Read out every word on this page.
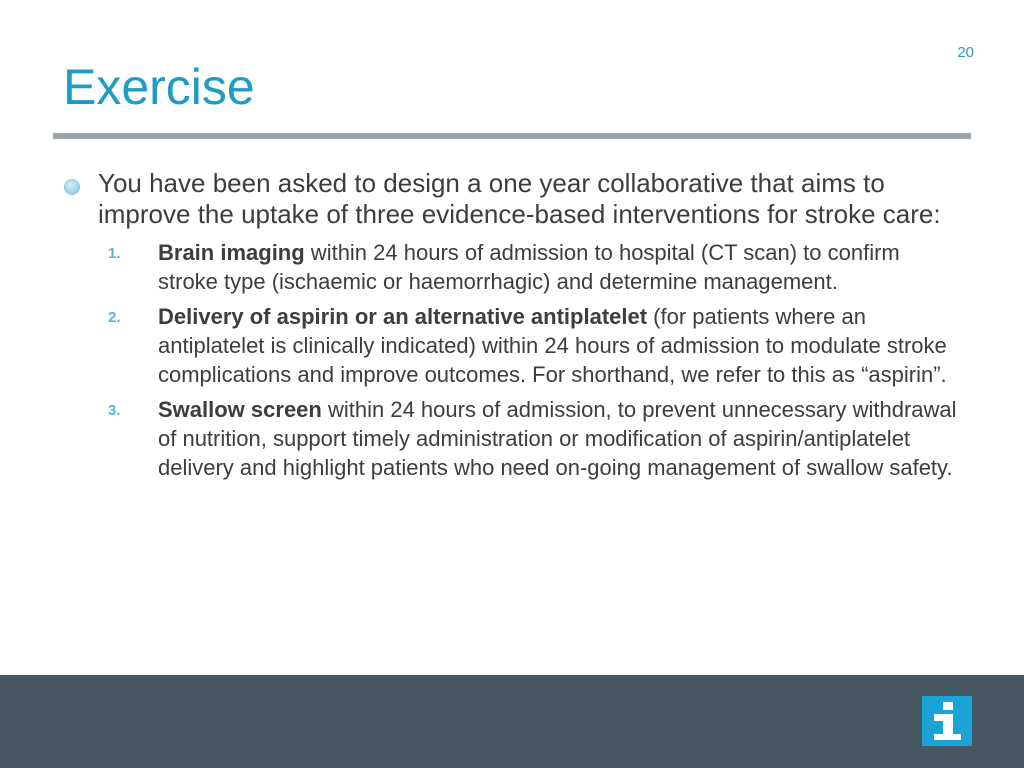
20
Exercise
You have been asked to design a one year collaborative that aims to improve the uptake of three evidence-based interventions for stroke care:
1. Brain imaging within 24 hours of admission to hospital (CT scan) to confirm stroke type (ischaemic or haemorrhagic) and determine management.
2. Delivery of aspirin or an alternative antiplatelet (for patients where an antiplatelet is clinically indicated) within 24 hours of admission to modulate stroke complications and improve outcomes. For shorthand, we refer to this as “aspirin”.
3. Swallow screen within 24 hours of admission, to prevent unnecessary withdrawal of nutrition, support timely administration or modification of aspirin/antiplatelet delivery and highlight patients who need on-going management of swallow safety.
